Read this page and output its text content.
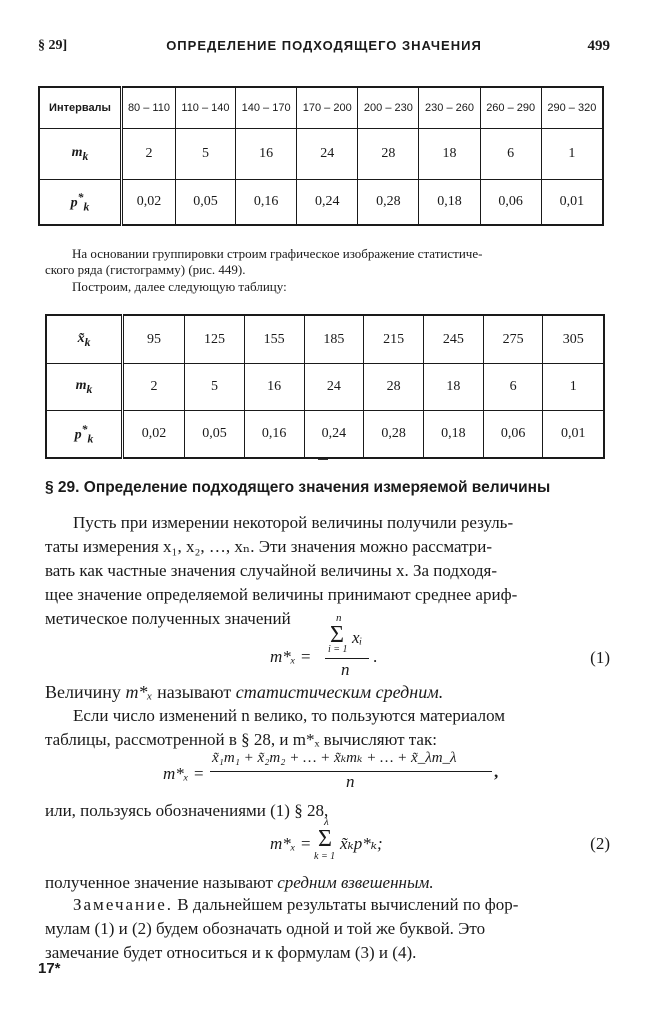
§ 29]	ОПРЕДЕЛЕНИЕ ПОДХОДЯЩЕГО ЗНАЧЕНИЯ	499
Интервалы	80 – 110	110 – 140	140 – 170	170 – 200	200 – 230	230 – 260	260 – 290	290 – 320
$m_k$	2	5	16	24	28	18	6	1
$p^*_k$	0,02	0,05	0,16	0,24	0,28	0,18	0,06	0,01
На основании группировки строим графическое изображение статистиче-
ского ряда (гистограмму) (рис. 449).
Построим, далее следующую таблицу:
$x̃_k$	95	125	155	185	215	245	275	305
$m_k$	2	5	16	24	28	18	6	1
$p^*_k$	0,02	0,05	0,16	0,24	0,28	0,18	0,06	0,01
§ 29. Определение подходящего значения измеряемой величины
Пусть при измерении некоторой величины получили резуль-
таты измерения x₁, x₂, …, xₙ. Эти значения можно рассматри-
вать как частные значения случайной величины x. За подходя-
щее значение определяемой величины принимают среднее ариф-
метическое полученных значений
m*ₓ =
n
Σ xᵢ
i = 1
n
.	(1)
Величину m*ₓ называют статистическим средним.
Если число изменений n велико, то пользуются материалом
таблицы, рассмотренной в § 28, и m*ₓ вычисляют так:
m*ₓ =
x̃₁m₁ + x̃₂m₂ + … + x̃ₖmₖ + … + x̃_λm_λ
n
,
или, пользуясь обозначениями (1) § 28,
m*ₓ =
λ
Σ
k = 1
x̃ₖp*ₖ;	(2)
полученное значение называют средним взвешенным.
Замечание. В дальнейшем результаты вычислений по фор-
мулам (1) и (2) будем обозначать одной и той же буквой. Это
замечание будет относиться и к формулам (3) и (4).
17*
